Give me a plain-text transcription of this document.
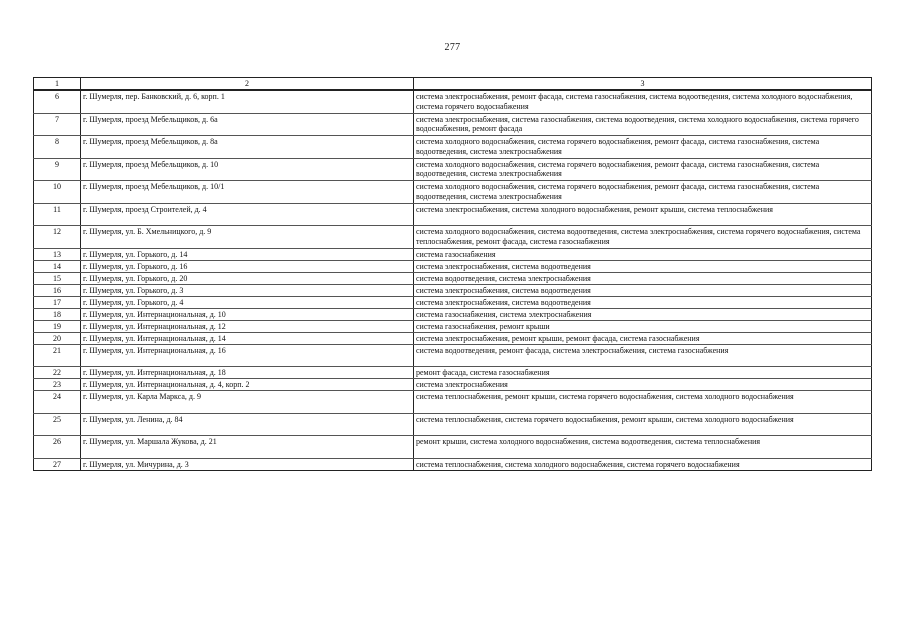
277
1	2	3
6	г. Шумерля, пер. Банковский, д. 6, корп. 1	система электроснабжения, ремонт фасада, система газоснабжения, система водоотведения, система холодного водоснабжения, система горячего водоснабжения
7	г. Шумерля, проезд Мебельщиков, д. 6а	система электроснабжения, система газоснабжения, система водоотведения, система холодного водоснабжения, система горячего водоснабжения, ремонт фасада
8	г. Шумерля, проезд Мебельщиков, д. 8а	система холодного водоснабжения, система горячего водоснабжения, ремонт фасада, система газоснабжения, система водоотведения, система электроснабжения
9	г. Шумерля, проезд Мебельщиков, д. 10	система холодного водоснабжения, система горячего водоснабжения, ремонт фасада, система газоснабжения, система водоотведения, система электроснабжения
10	г. Шумерля, проезд Мебельщиков, д. 10/1	система холодного водоснабжения, система горячего водоснабжения, ремонт фасада, система газоснабжения, система водоотведения, система электроснабжения
11	г. Шумерля, проезд Строителей, д. 4	система электроснабжения, система холодного водоснабжения, ремонт крыши, система теплоснабжения
12	г. Шумерля, ул. Б. Хмельницкого, д. 9	система холодного водоснабжения, система водоотведения, система электроснабжения, система горячего водоснабжения, система теплоснабжения, ремонт фасада, система газоснабжения
13	г. Шумерля, ул. Горького, д. 14	система газоснабжения
14	г. Шумерля, ул. Горького, д. 16	система электроснабжения, система водоотведения
15	г. Шумерля, ул. Горького, д. 20	система водоотведения, система электроснабжения
16	г. Шумерля, ул. Горького, д. 3	система электроснабжения, система водоотведения
17	г. Шумерля, ул. Горького, д. 4	система электроснабжения, система водоотведения
18	г. Шумерля, ул. Интернациональная, д. 10	система газоснабжения, система электроснабжения
19	г. Шумерля, ул. Интернациональная, д. 12	система газоснабжения, ремонт крыши
20	г. Шумерля, ул. Интернациональная, д. 14	система электроснабжения, ремонт крыши, ремонт фасада, система газоснабжения
21	г. Шумерля, ул. Интернациональная, д. 16	система водоотведения, ремонт фасада, система электроснабжения, система газоснабжения
22	г. Шумерля, ул. Интернациональная, д. 18	ремонт фасада, система газоснабжения
23	г. Шумерля, ул. Интернациональная, д. 4, корп. 2	система электроснабжения
24	г. Шумерля, ул. Карла Маркса, д. 9	система теплоснабжения, ремонт крыши, система горячего водоснабжения, система холодного водоснабжения
25	г. Шумерля, ул. Ленина, д. 84	система теплоснабжения, система горячего водоснабжения, ремонт крыши, система холодного водоснабжения
26	г. Шумерля, ул. Маршала Жукова, д. 21	ремонт крыши, система холодного водоснабжения, система водоотведения, система теплоснабжения
27	г. Шумерля, ул. Мичурина, д. 3	система теплоснабжения, система холодного водоснабжения, система горячего водоснабжения
